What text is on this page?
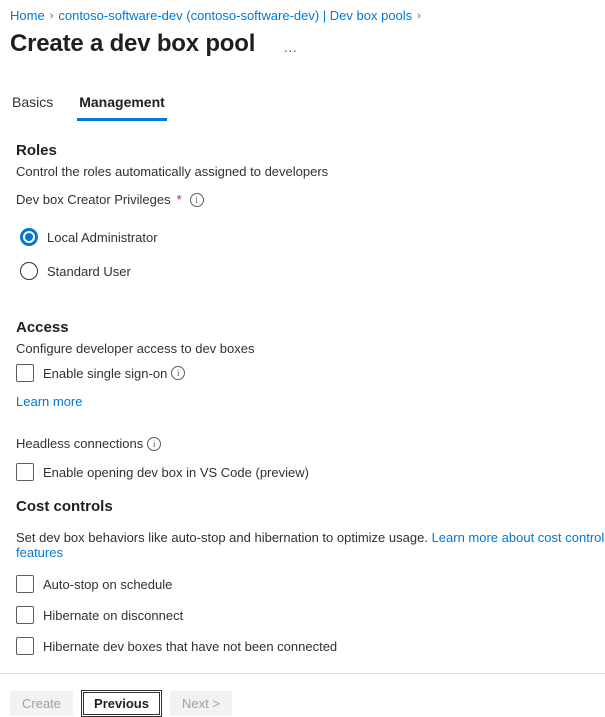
Home › contoso-software-dev (contoso-software-dev) | Dev box pools ›
Create a dev box pool …
Basics Management
Roles
Control the roles automatically assigned to developers
Dev box Creator Privileges *
i
Local Administrator
Standard User
Access
Configure developer access to dev boxes
Enable single sign-on
i
Learn more
Headless connections
i
Enable opening dev box in VS Code (preview)
Cost controls
Set dev box behaviors like auto-stop and hibernation to optimize usage. Learn more about cost control features
Auto-stop on schedule
Hibernate on disconnect
Hibernate dev boxes that have not been connected
Create	Previous	Next >
